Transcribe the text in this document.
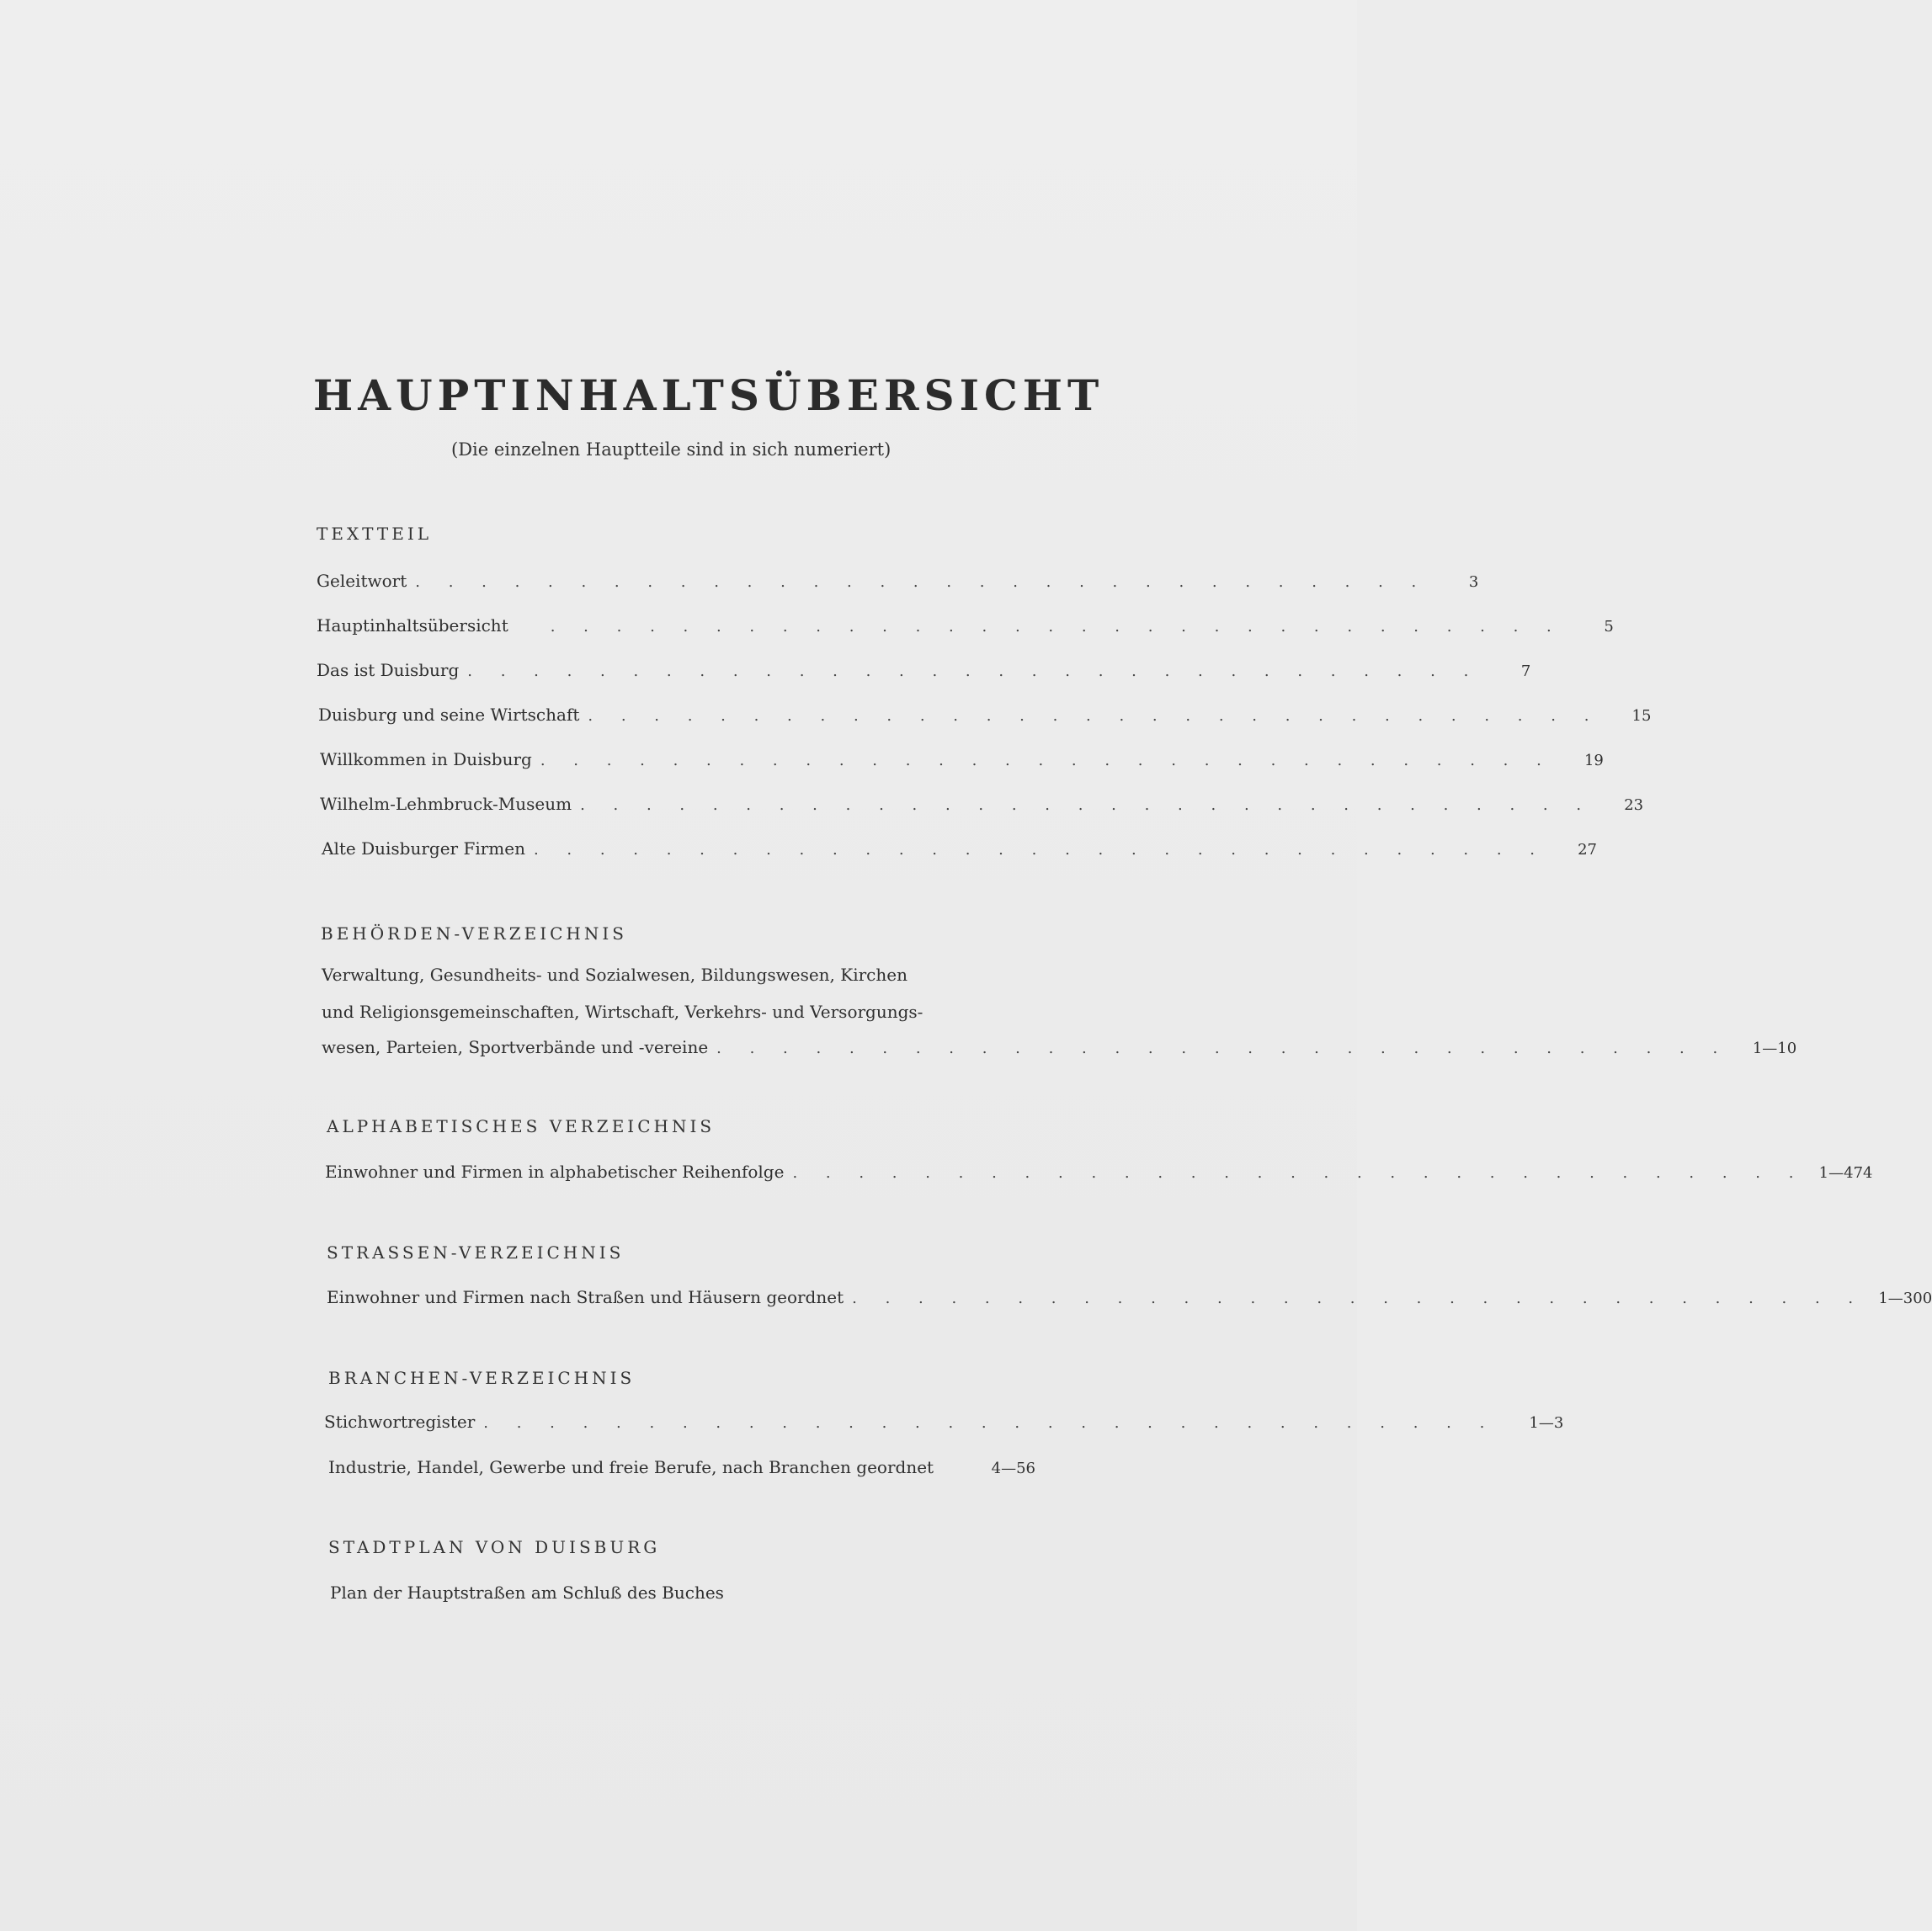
HAUPTINHALTSÜBERSICHT
(Die einzelnen Hauptteile sind in sich numeriert)
TEXTTEIL
Geleitwort . . . . . . . . . . . . . . . . . . . . . . . . . . . . . . .	3
Hauptinhaltsübersicht	. . . . . . . . . . . . . . . . . . . . . . . . . . . . . . .	5
Das ist Duisburg . . . . . . . . . . . . . . . . . . . . . . . . . . . . . . .	7
Duisburg und seine Wirtschaft . . . . . . . . . . . . . . . . . . . . . . . . . . . . . . .	15
Willkommen in Duisburg . . . . . . . . . . . . . . . . . . . . . . . . . . . . . . .	19
Wilhelm-Lehmbruck-Museum . . . . . . . . . . . . . . . . . . . . . . . . . . . . . . .	23
Alte Duisburger Firmen . . . . . . . . . . . . . . . . . . . . . . . . . . . . . . .	27
BEHÖRDEN-VERZEICHNIS
Verwaltung, Gesundheits- und Sozialwesen, Bildungswesen, Kirchen
und Religionsgemeinschaften, Wirtschaft, Verkehrs- und Versorgungs-
wesen, Parteien, Sportverbände und -vereine . . . . . . . . . . . . . . . . . . . . . . . . . . . . . . .	1—10
ALPHABETISCHES VERZEICHNIS
Einwohner und Firmen in alphabetischer Reihenfolge . . . . . . . . . . . . . . . . . . . . . . . . . . . . . . . 1—474
STRASSEN-VERZEICHNIS
Einwohner und Firmen nach Straßen und Häusern geordnet . . . . . . . . . . . . . . . . . . . . . . . . . . . . . . . 1—300
BRANCHEN-VERZEICHNIS
Stichwortregister . . . . . . . . . . . . . . . . . . . . . . . . . . . . . . .	1—3
Industrie, Handel, Gewerbe und freie Berufe, nach Branchen geordnet	4—56
STADTPLAN VON DUISBURG
Plan der Hauptstraßen am Schluß des Buches
